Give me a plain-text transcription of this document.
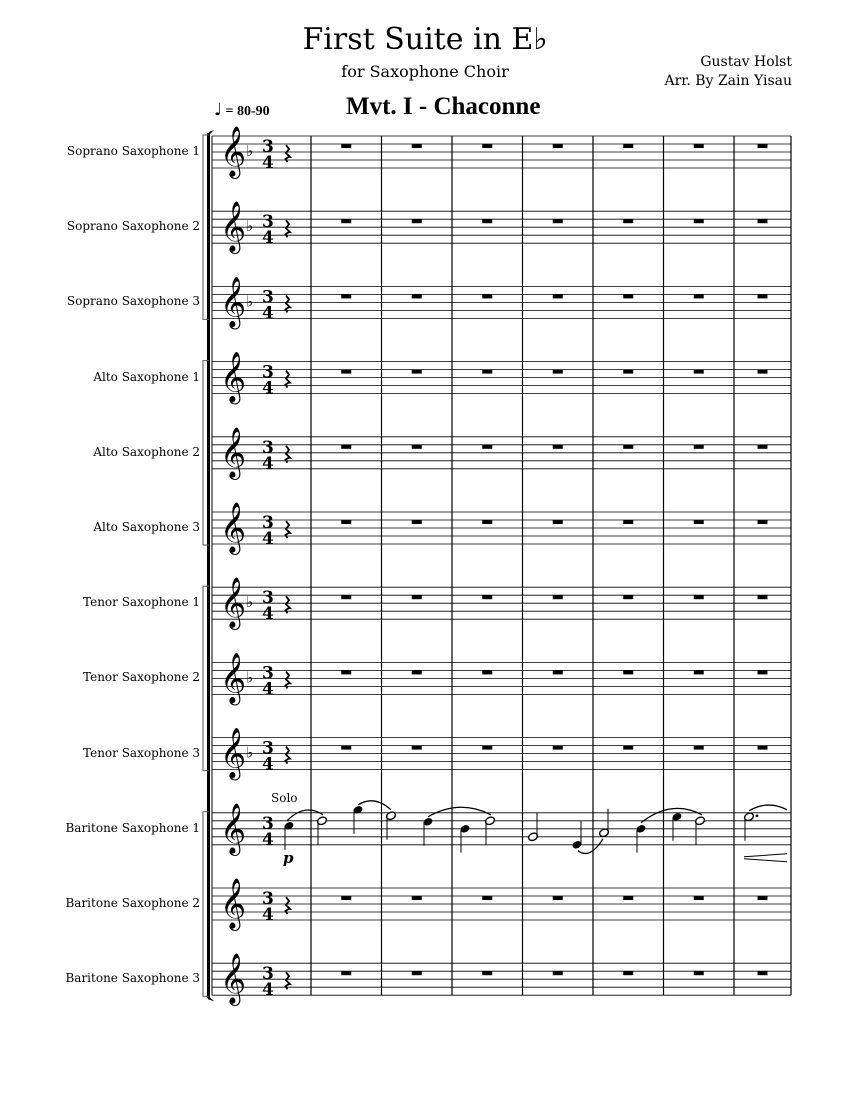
First Suite in E♭
for Saxophone Choir	Gustav Holst
Arr. By Zain Yisau
Mvt. I - Chaconne
♩ = 80-90
Soprano Saxophone 1
Soprano Saxophone 2
Soprano Saxophone 3
Alto Saxophone 1
Alto Saxophone 2
Alto Saxophone 3
Tenor Saxophone 1
Tenor Saxophone 2
Tenor Saxophone 3
Baritone Saxophone 1
Baritone Saxophone 2
Baritone Saxophone 3
𝄞 ♭ 3
4
𝄞 ♭ 3
4
𝄞 ♭ 3
4
𝄞 3
4
𝄞 3
4
𝄞 3
4
𝄞 ♭ 3
4
𝄞 ♭ 3
4
𝄞 ♭ 3
4
𝄞 3
4
Solo
p
𝄞 3
4
𝄞 3
4
